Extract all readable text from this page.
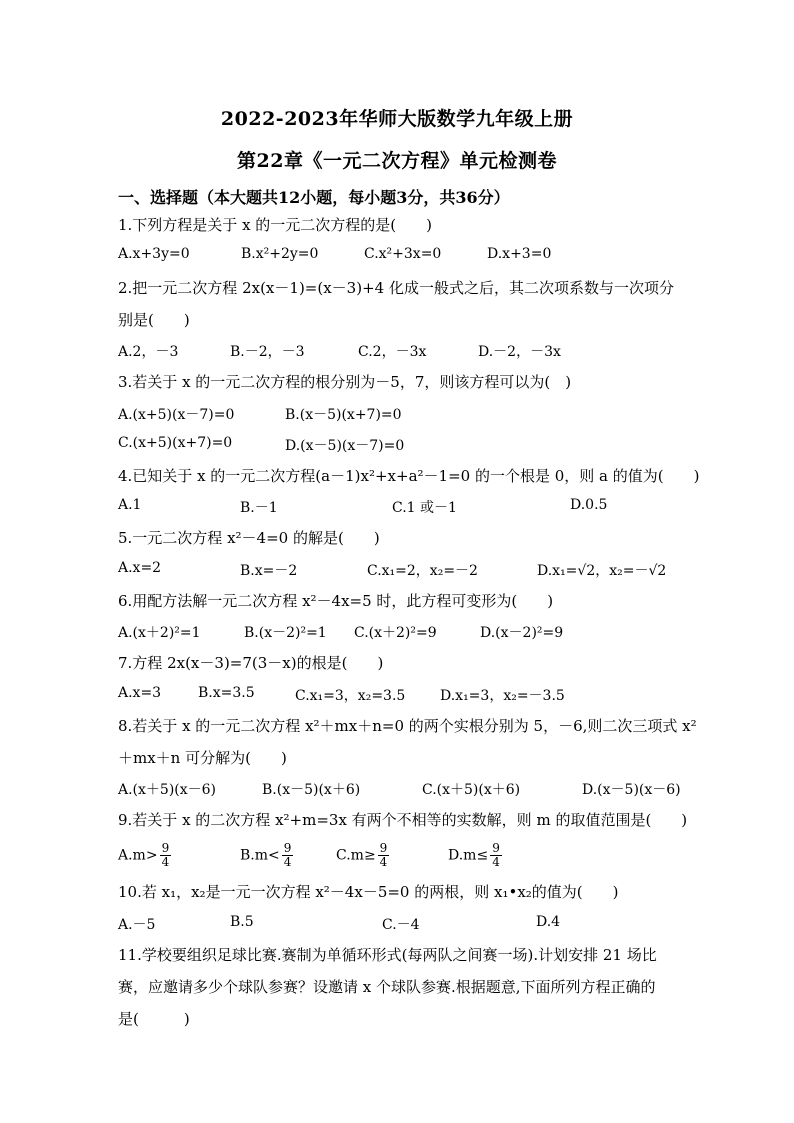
2022-2023年华师大版数学九年级上册
第22章《一元二次方程》单元检测卷
一、选择题（本大题共12小题，每小题3分，共36分）
1.下列方程是关于 x 的一元二次方程的是(　　)
A.x+3y=0	B.x²+2y=0	C.x²+3x=0	D.x+3=0
2.把一元二次方程 2x(x－1)=(x－3)+4 化成一般式之后，其二次项系数与一次项分
别是(　　)
A.2，－3	B.－2，－3	C.2，－3x	D.－2，－3x
3.若关于 x 的一元二次方程的根分别为－5，7，则该方程可以为(　)
A.(x+5)(x－7)=0	B.(x－5)(x+7)=0
C.(x+5)(x+7)=0	D.(x－5)(x－7)=0
4.已知关于 x 的一元二次方程(a－1)x²+x+a²－1=0 的一个根是 0，则 a 的值为(　　)
A.1	B.－1	C.1 或－1	D.0.5
5.一元二次方程 x²－4=0 的解是(　　)
A.x=2	B.x=－2	C.x₁=2，x₂=－2	D.x₁=√2，x₂=－√2
6.用配方法解一元二次方程 x²－4x=5 时，此方程可变形为(　　)
A.(x＋2)²=1	B.(x－2)²=1 C.(x＋2)²=9	D.(x－2)²=9
7.方程 2x(x－3)=7(3－x)的根是(　　)
A.x=3	B.x=3.5	C.x₁=3，x₂=3.5 D.x₁=3，x₂=－3.5
8.若关于 x 的一元二次方程 x²＋mx＋n=0 的两个实根分别为 5，－6,则二次三项式 x²
＋mx＋n 可分解为(　　)
A.(x＋5)(x－6)	B.(x－5)(x＋6)	C.(x＋5)(x＋6)	D.(x－5)(x－6)
9.若关于 x 的二次方程 x²+m=3x 有两个不相等的实数解，则 m 的取值范围是(　　)
$A.m> \frac{9}{4}$	$B.m< \frac{9}{4}$	$C.m\ge \frac{9}{4}$	$D.m\le \frac{9}{4}$
10.若 x₁，x₂是一元一次方程 x²－4x－5=0 的两根，则 x₁•x₂的值为(　　)
A.－5	B.5	C.－4	D.4
11.学校要组织足球比赛.赛制为单循环形式(每两队之间赛一场).计划安排 21 场比
赛，应邀请多少个球队参赛？设邀请 x 个球队参赛.根据题意,下面所列方程正确的
是(　　　)
